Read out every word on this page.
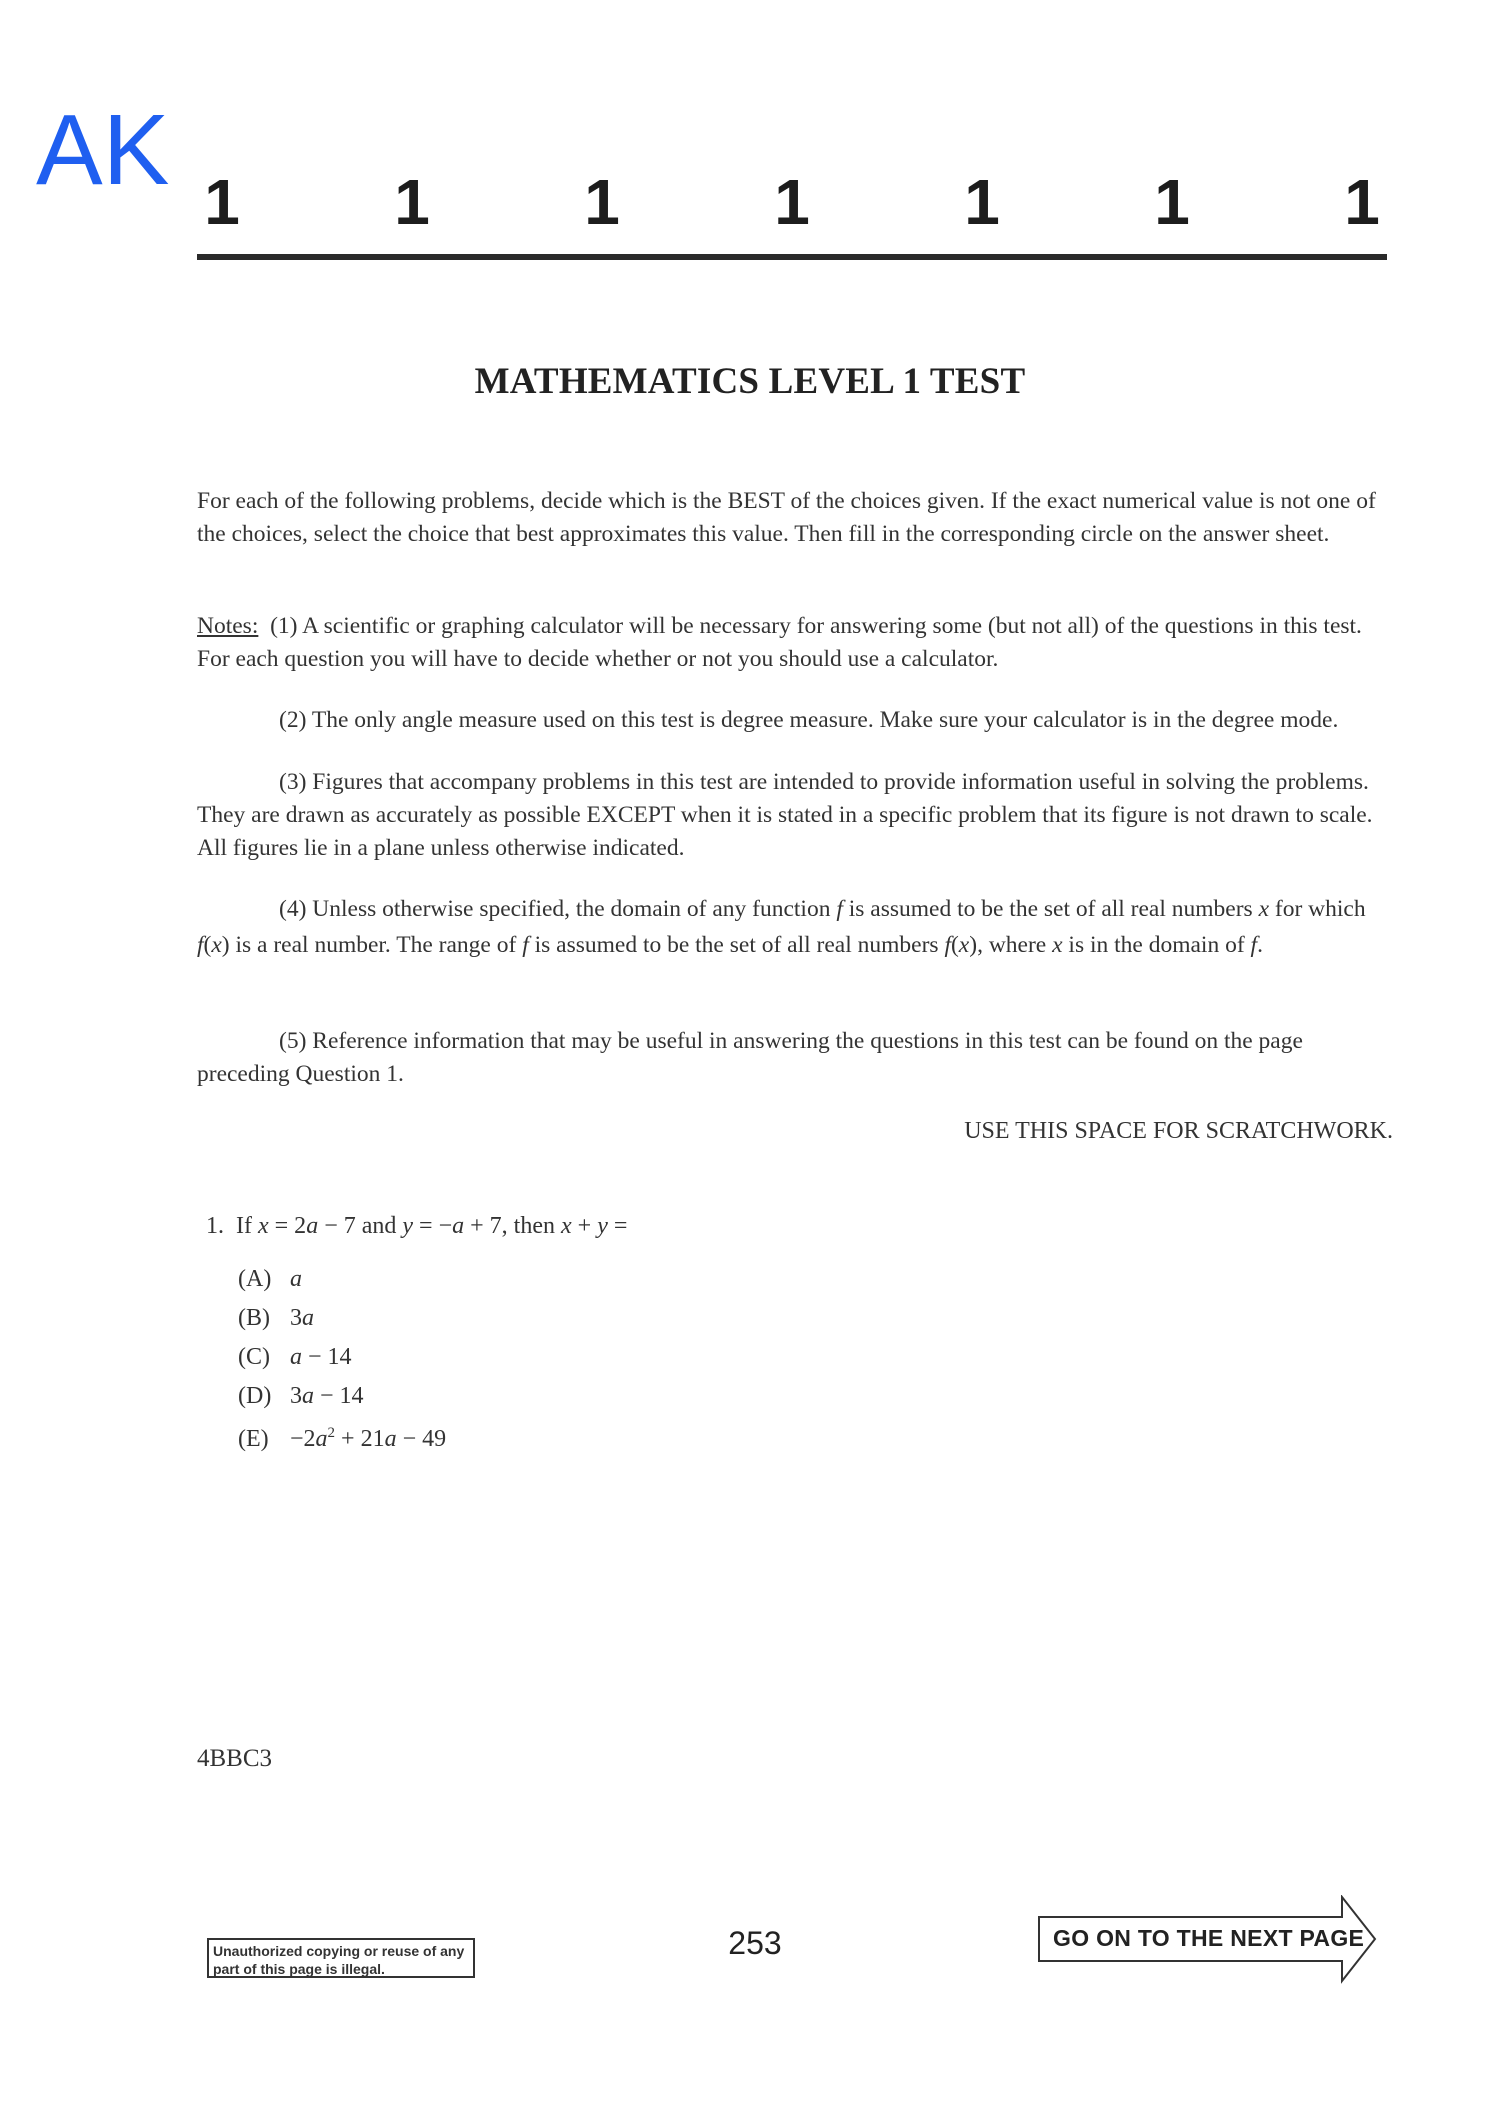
AK 1 1 1 1 1 1 1
MATHEMATICS LEVEL 1 TEST

For each of the following problems, decide which is the BEST of the choices given. If the exact numerical value is not one of the choices, select the choice that best approximates this value. Then fill in the corresponding circle on the answer sheet.

Notes: (1) A scientific or graphing calculator will be necessary for answering some (but not all) of the questions in this test. For each question you will have to decide whether or not you should use a calculator.

(2) The only angle measure used on this test is degree measure. Make sure your calculator is in the degree mode.

(3) Figures that accompany problems in this test are intended to provide information useful in solving the problems. They are drawn as accurately as possible EXCEPT when it is stated in a specific problem that its figure is not drawn to scale. All figures lie in a plane unless otherwise indicated.

(4) Unless otherwise specified, the domain of any function f is assumed to be the set of all real numbers x for which f(x) is a real number. The range of f is assumed to be the set of all real numbers f(x), where x is in the domain of f.

(5) Reference information that may be useful in answering the questions in this test can be found on the page preceding Question 1.

USE THIS SPACE FOR SCRATCHWORK.
1. If x = 2a − 7 and y = −a + 7, then x + y =
(A) a
(B) 3a
(C) a − 14
(D) 3a − 14
$(E) -2a^2 + 21a - 49$
4BBC3
Unauthorized copying or reuse of any part of this page is illegal.
253	GO ON TO THE NEXT PAGE
